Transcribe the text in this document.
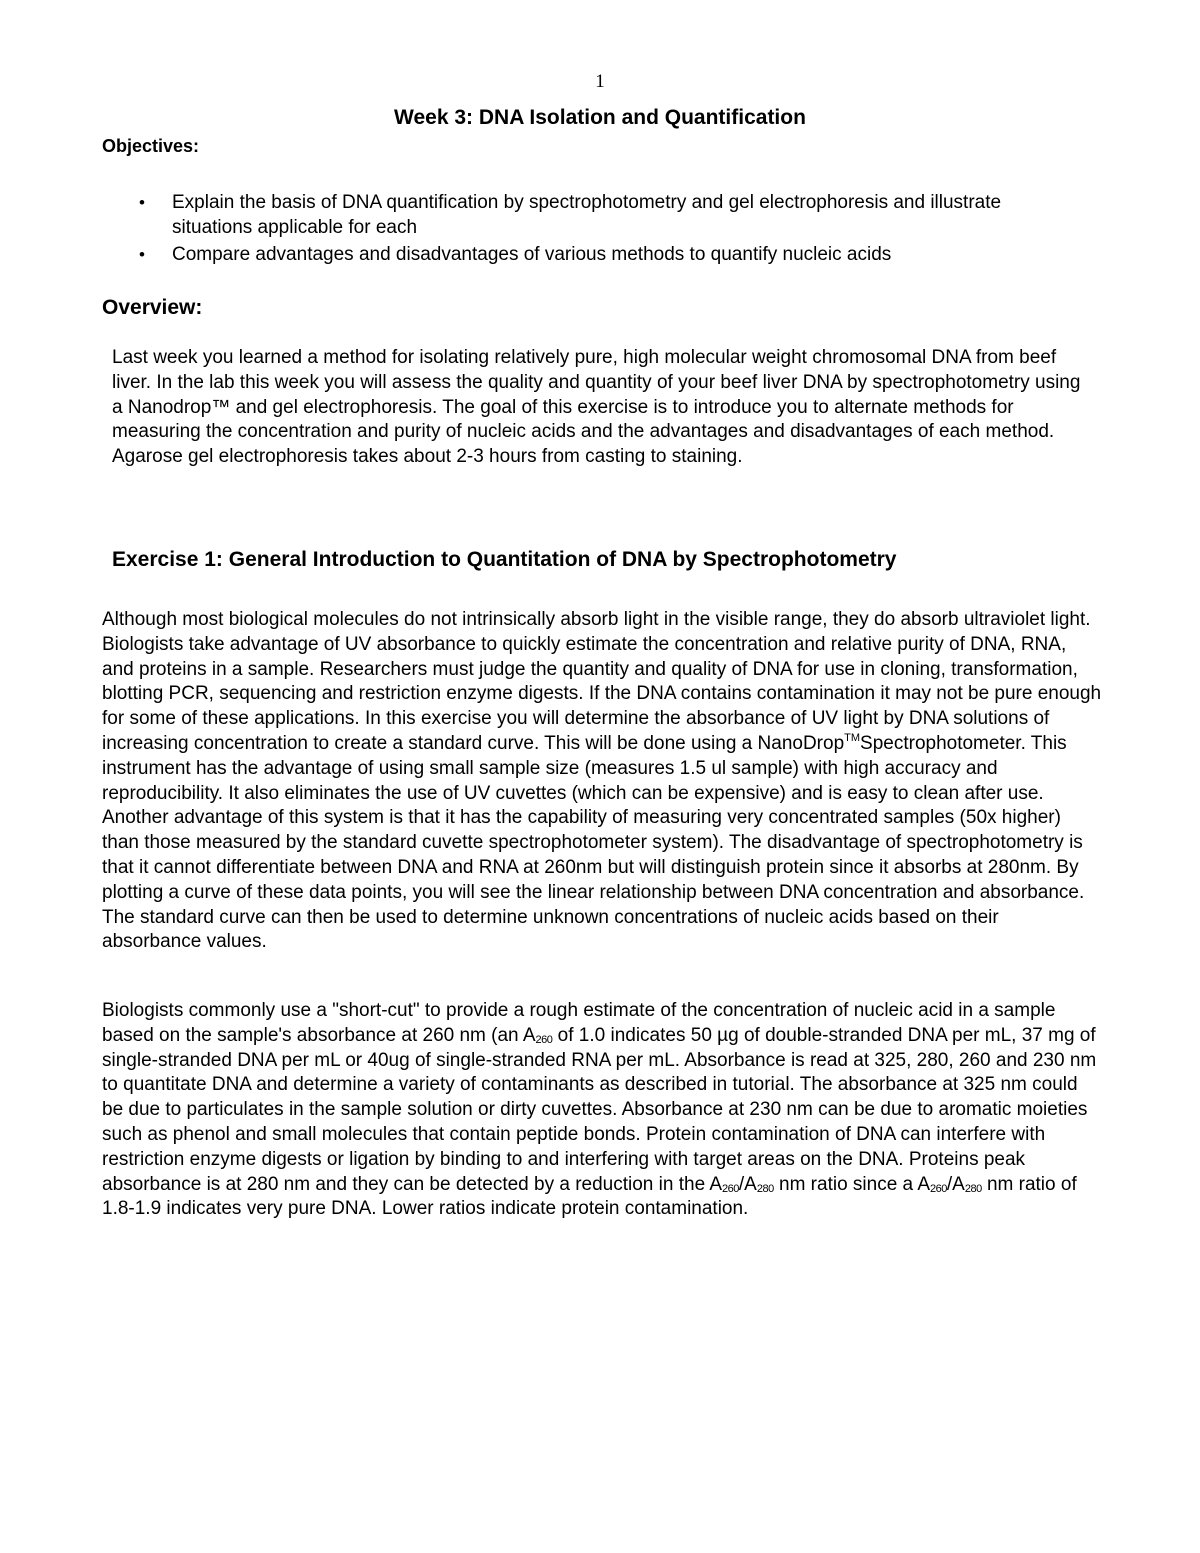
1
Week 3: DNA Isolation and Quantification
Objectives:
• Explain the basis of DNA quantification by spectrophotometry and gel electrophoresis and illustrate situations applicable for each
• Compare advantages and disadvantages of various methods to quantify nucleic acids
Overview:

Last week you learned a method for isolating relatively pure, high molecular weight chromosomal DNA from beef liver. In the lab this week you will assess the quality and quantity of your beef liver DNA by spectrophotometry using a Nanodrop™ and gel electrophoresis. The goal of this exercise is to introduce you to alternate methods for measuring the concentration and purity of nucleic acids and the advantages and disadvantages of each method. Agarose gel electrophoresis takes about 2-3 hours from casting to staining.

Exercise 1: General Introduction to Quantitation of DNA by Spectrophotometry

Although most biological molecules do not intrinsically absorb light in the visible range, they do absorb ultraviolet light. Biologists take advantage of UV absorbance to quickly estimate the concentration and relative purity of DNA, RNA, and proteins in a sample. Researchers must judge the quantity and quality of DNA for use in cloning, transformation, blotting PCR, sequencing and restriction enzyme digests. If the DNA contains contamination it may not be pure enough for some of these applications. In this exercise you will determine the absorbance of UV light by DNA solutions of increasing concentration to create a standard curve. This will be done using a NanoDrop™Spectrophotometer. This instrument has the advantage of using small sample size (measures 1.5 ul sample) with high accuracy and reproducibility. It also eliminates the use of UV cuvettes (which can be expensive) and is easy to clean after use. Another advantage of this system is that it has the capability of measuring very concentrated samples (50x higher) than those measured by the standard cuvette spectrophotometer system). The disadvantage of spectrophotometry is that it cannot differentiate between DNA and RNA at 260nm but will distinguish protein since it absorbs at 280nm. By plotting a curve of these data points, you will see the linear relationship between DNA concentration and absorbance. The standard curve can then be used to determine unknown concentrations of nucleic acids based on their absorbance values.

Biologists commonly use a "short-cut" to provide a rough estimate of the concentration of nucleic acid in a sample based on the sample's absorbance at 260 nm (an A260 of 1.0 indicates 50 µg of double-stranded DNA per mL, 37 mg of single-stranded DNA per mL or 40ug of single-stranded RNA per mL. Absorbance is read at 325, 280, 260 and 230 nm to quantitate DNA and determine a variety of contaminants as described in tutorial. The absorbance at 325 nm could be due to particulates in the sample solution or dirty cuvettes. Absorbance at 230 nm can be due to aromatic moieties such as phenol and small molecules that contain peptide bonds. Protein contamination of DNA can interfere with restriction enzyme digests or ligation by binding to and interfering with target areas on the DNA. Proteins peak absorbance is at 280 nm and they can be detected by a reduction in the A260/A280 nm ratio since a A260/A280 nm ratio of 1.8-1.9 indicates very pure DNA. Lower ratios indicate protein contamination.
